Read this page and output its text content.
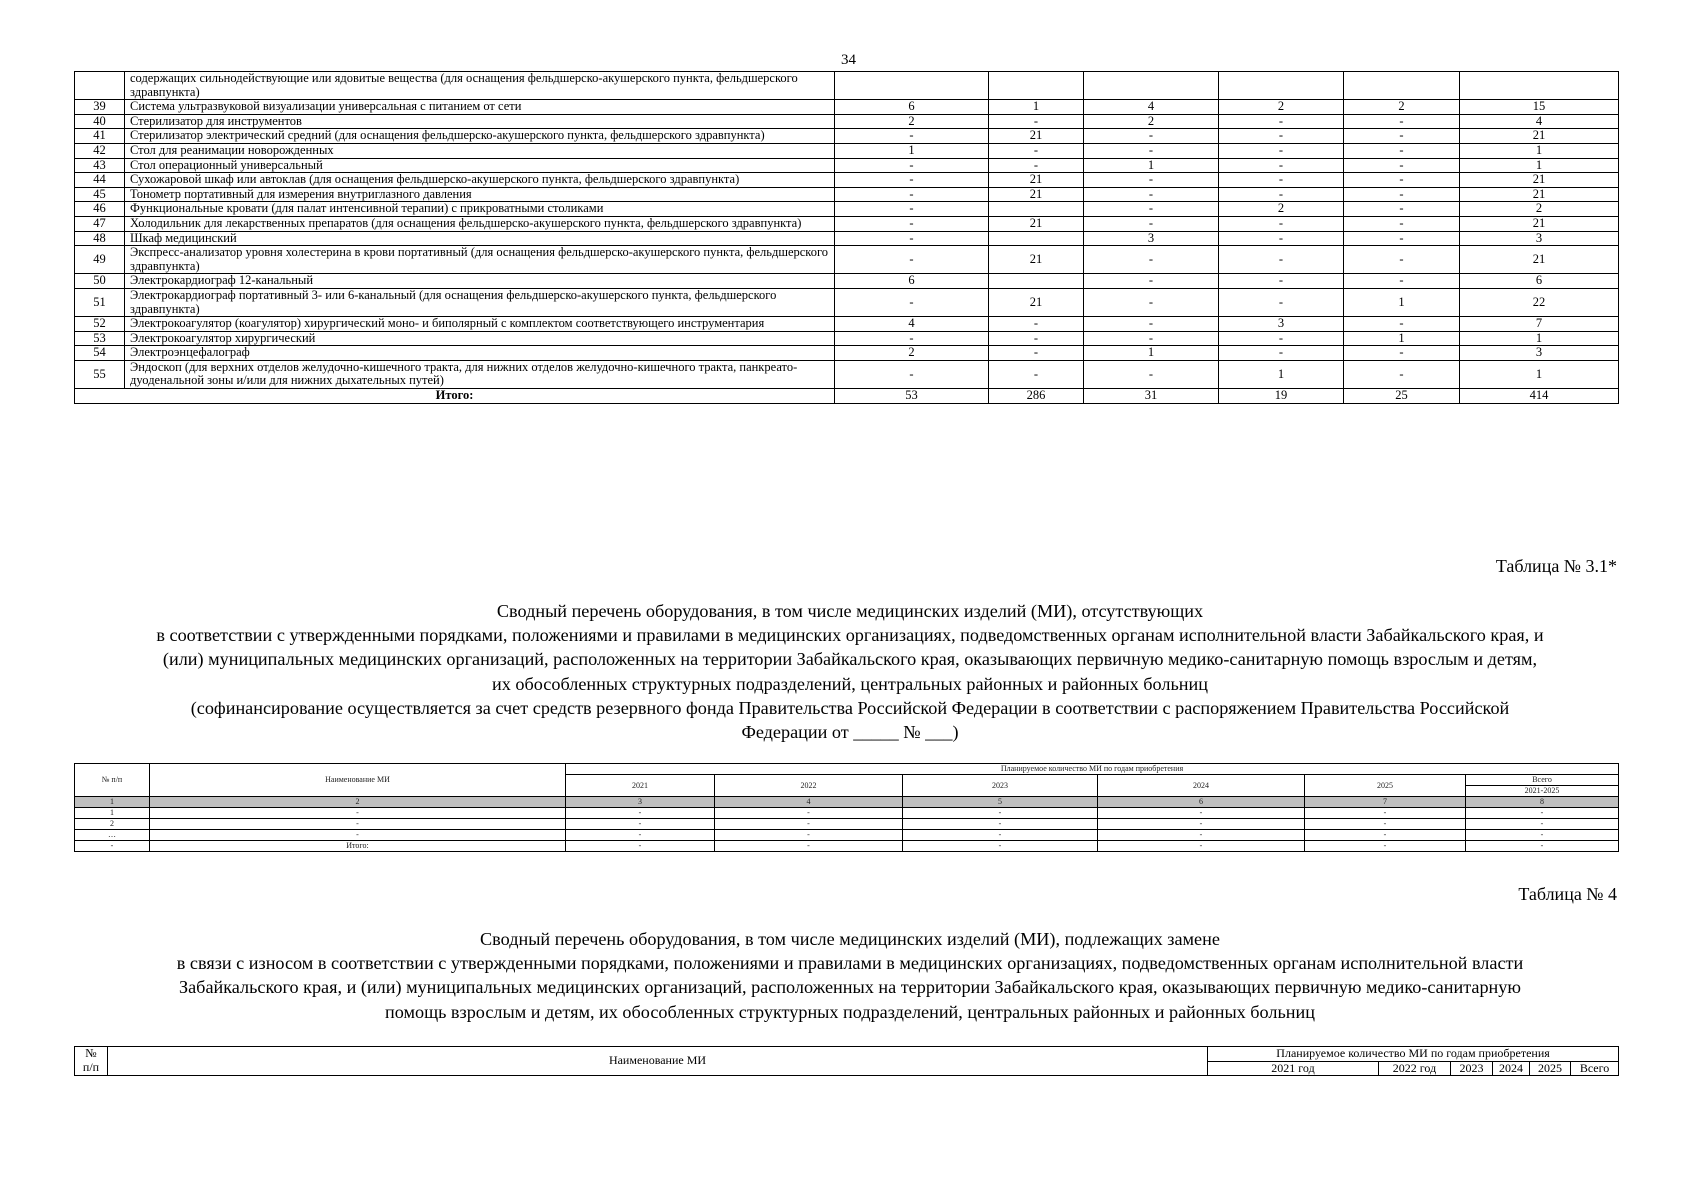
34
	содержащих сильнодействующие или ядовитые вещества (для оснащения фельдшерско-акушерского пункта, фельдшерского здравпункта)						
39	Система ультразвуковой визуализации универсальная с питанием от сети	6	1	4	2	2	15
40	Стерилизатор для инструментов	2	-	2	-	-	4
41	Стерилизатор электрический средний (для оснащения фельдшерско-акушерского пункта, фельдшерского здравпункта)	-	21	-	-	-	21
42	Стол для реанимации новорожденных	1	-	-	-	-	1
43	Стол операционный универсальный	-	-	1	-	-	1
44	Сухожаровой шкаф или автоклав (для оснащения фельдшерско-акушерского пункта, фельдшерского здравпункта)	-	21	-	-	-	21
45	Тонометр портативный для измерения внутриглазного давления	-	21	-	-	-	21
46	Функциональные кровати (для палат интенсивной терапии) с прикроватными столиками	-		-	2	-	2
47	Холодильник для лекарственных препаратов (для оснащения фельдшерско-акушерского пункта, фельдшерского здравпункта)	-	21	-	-	-	21
48	Шкаф медицинский	-		3	-	-	3
49	Экспресс-анализатор уровня холестерина в крови портативный (для оснащения фельдшерско-акушерского пункта, фельдшерского здравпункта)	-	21	-	-	-	21
50	Электрокардиограф 12-канальный	6		-	-	-	6
51	Электрокардиограф портативный 3- или 6-канальный (для оснащения фельдшерско-акушерского пункта, фельдшерского здравпункта)	-	21	-	-	1	22
52	Электрокоагулятор (коагулятор) хирургический моно- и биполярный с комплектом соответствующего инструментария	4	-	-	3	-	7
53	Электрокоагулятор хирургический	-	-	-	-	1	1
54	Электроэнцефалограф	2	-	1	-	-	3
55	Эндоскоп (для верхних отделов желудочно-кишечного тракта, для нижних отделов желудочно-кишечного тракта, панкреато-дуоденальной зоны и/или для нижних дыхательных путей)	-	-	-	1	-	1
Итого:		53	286	31	19	25	414
Таблица № 3.1*
Сводный перечень оборудования, в том числе медицинских изделий (МИ), отсутствующих
в соответствии с утвержденными порядками, положениями и правилами в медицинских организациях, подведомственных органам исполнительной власти Забайкальского края, и
(или) муниципальных медицинских организаций, расположенных на территории Забайкальского края, оказывающих первичную медико-санитарную помощь взрослым и детям,
их обособленных структурных подразделений, центральных районных и районных больниц
(софинансирование осуществляется за счет средств резервного фонда Правительства Российской Федерации в соответствии с распоряжением Правительства Российской
Федерации от _____ № ___)
№ п/п	Наименование МИ	Планируемое количество МИ по годам приобретения					
		2021	2022	2023	2024	2025	Всего
2021-2025

1	2	3	4	5	6	7	8
1	-	-	-	-	-	-	-
2	-	-	-	-	-	-	-
…	-	-	-	-	-	-	-
-	Итого:	-	-	-	-	-	-
Таблица № 4
Сводный перечень оборудования, в том числе медицинских изделий (МИ), подлежащих замене
в связи с износом в соответствии с утвержденными порядками, положениями и правилами в медицинских организациях, подведомственных органам исполнительной власти
Забайкальского края, и (или) муниципальных медицинских организаций, расположенных на территории Забайкальского края, оказывающих первичную медико-санитарную
помощь взрослым и детям, их обособленных структурных подразделений, центральных районных и районных больниц
№	Наименование МИ	Планируемое количество МИ по годам приобретения					
п/п		2021 год	2022 год	2023	2024	2025	Всего
